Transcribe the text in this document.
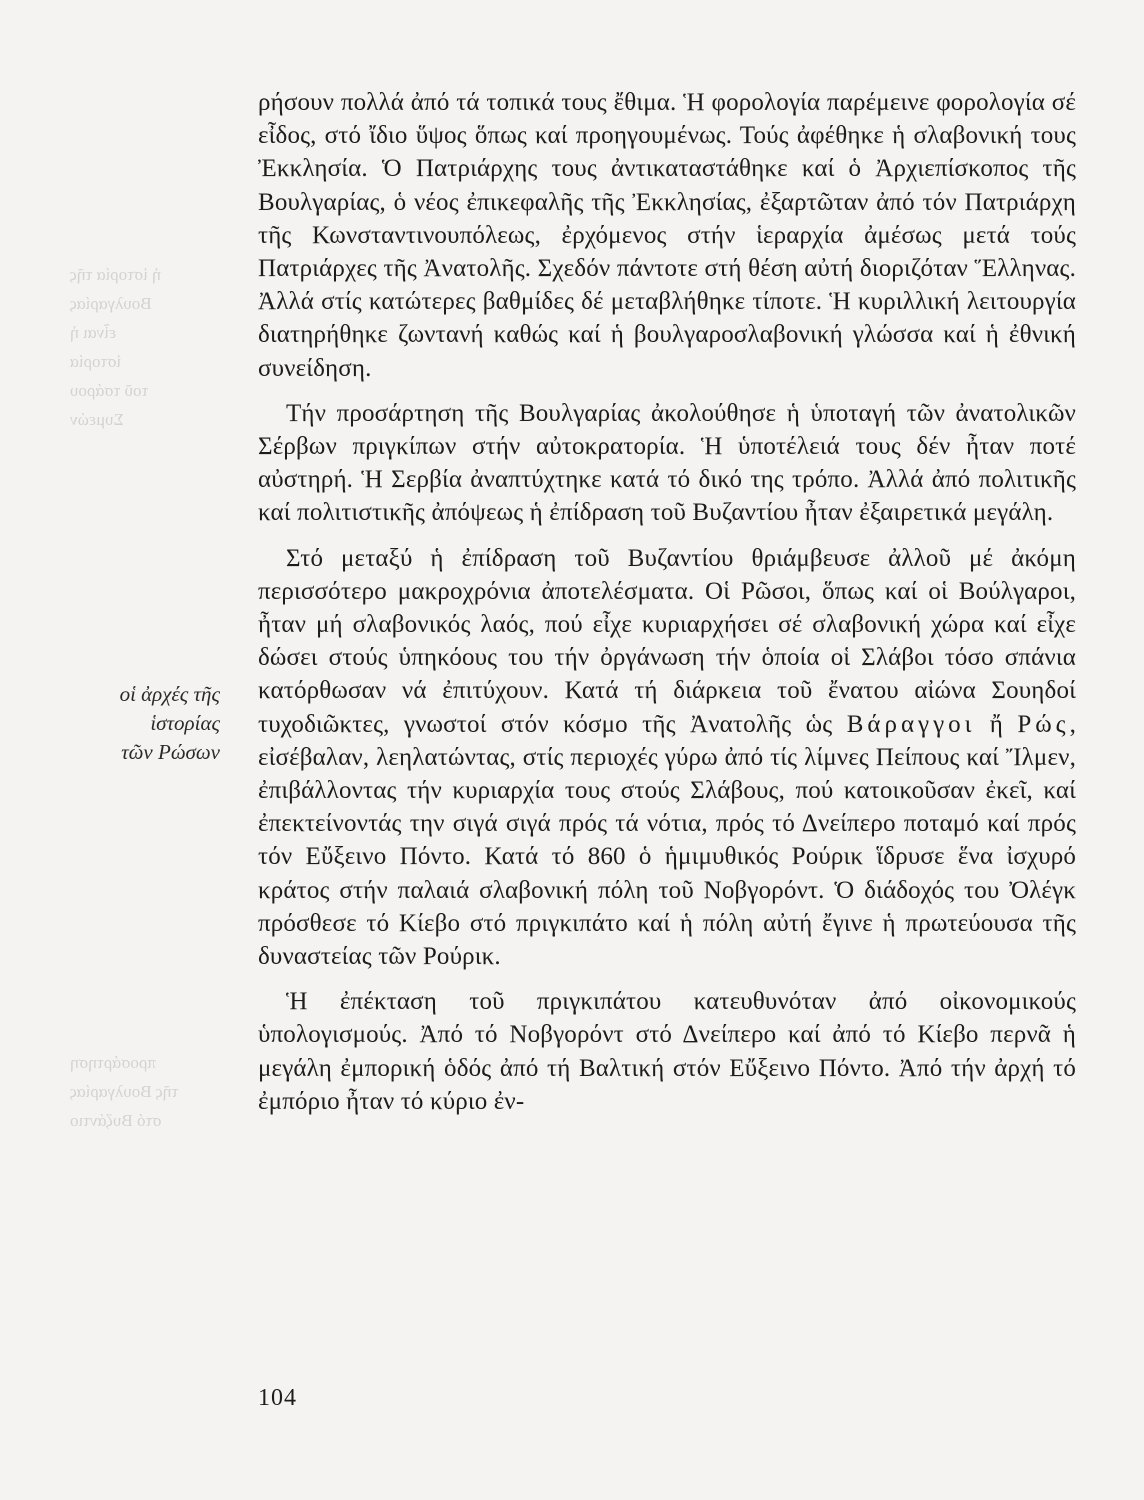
ἡ ἱστορία τῆς
Βουλγαρίας
εἶναι ἡ
ἱστορία
τοῦ τσάρου
Συμεών
προσάρτηση
τῆς Βουλγαρίας
στό Βυζάντιο
οἱ ἀρχές τῆς
ἱστορίας
τῶν Ρώσων

ρήσουν πολλά ἀπό τά τοπικά τους ἔθιμα. Ἡ φορολογία παρέμεινε φορολογία σέ εἶδος, στό ἴδιο ὕψος ὅπως καί προηγουμένως. Τούς ἀφέθηκε ἡ σλαβονική τους Ἐκκλησία. Ὁ Πατριάρχης τους ἀντικαταστάθηκε καί ὁ Ἀρχιεπίσκοπος τῆς Βουλγαρίας, ὁ νέος ἐπικεφαλῆς τῆς Ἐκκλησίας, ἐξαρτῶταν ἀπό τόν Πατριάρχη τῆς Κωνσταντινουπόλεως, ἐρχόμενος στήν ἱεραρχία ἀμέσως μετά τούς Πατριάρχες τῆς Ἀνατολῆς. Σχεδόν πάντοτε στή θέση αὐτή διοριζόταν Ἕλληνας. Ἀλλά στίς κατώτερες βαθμίδες δέ μεταβλήθηκε τίποτε. Ἡ κυριλλική λειτουργία διατηρήθηκε ζωντανή καθώς καί ἡ βουλγαροσλαβονική γλώσσα καί ἡ ἐθνική συνείδηση.

Τήν προσάρτηση τῆς Βουλγαρίας ἀκολούθησε ἡ ὑποταγή τῶν ἀνατολικῶν Σέρβων πριγκίπων στήν αὐτοκρατορία. Ἡ ὑποτέλειά τους δέν ἦταν ποτέ αὐστηρή. Ἡ Σερβία ἀναπτύχτηκε κατά τό δικό της τρόπο. Ἀλλά ἀπό πολιτικῆς καί πολιτιστικῆς ἀπόψεως ἡ ἐπίδραση τοῦ Βυζαντίου ἦταν ἐξαιρετικά μεγάλη.

Στό μεταξύ ἡ ἐπίδραση τοῦ Βυζαντίου θριάμβευσε ἀλλοῦ μέ ἀκόμη περισσότερο μακροχρόνια ἀποτελέσματα. Οἱ Ρῶσοι, ὅπως καί οἱ Βούλγαροι, ἦταν μή σλαβονικός λαός, πού εἶχε κυριαρχήσει σέ σλαβονική χώρα καί εἶχε δώσει στούς ὑπηκόους του τήν ὀργάνωση τήν ὁποία οἱ Σλάβοι τόσο σπάνια κατόρθωσαν νά ἐπιτύχουν. Κατά τή διάρκεια τοῦ ἔνατου αἰώνα Σουηδοί τυχοδιῶκτες, γνωστοί στόν κόσμο τῆς Ἀνατολῆς ὡς Βάραγγοι ἤ Ρώς, εἰσέβαλαν, λεηλατώντας, στίς περιοχές γύρω ἀπό τίς λίμνες Πείπους καί Ἴλμεν, ἐπιβάλλοντας τήν κυριαρχία τους στούς Σλάβους, πού κατοικοῦσαν ἐκεῖ, καί ἐπεκτείνοντάς την σιγά σιγά πρός τά νότια, πρός τό Δνείπερο ποταμό καί πρός τόν Εὔξεινο Πόντο. Κατά τό 860 ὁ ἡμιμυθικός Ρούρικ ἵδρυσε ἕνα ἰσχυρό κράτος στήν παλαιά σλαβονική πόλη τοῦ Νοβγορόντ. Ὁ διάδοχός του Ὀλέγκ πρόσθεσε τό Κίεβο στό πριγκιπάτο καί ἡ πόλη αὐτή ἔγινε ἡ πρωτεύουσα τῆς δυναστείας τῶν Ρούρικ.

Ἡ ἐπέκταση τοῦ πριγκιπάτου κατευθυνόταν ἀπό οἰκονομικούς ὑπολογισμούς. Ἀπό τό Νοβγορόντ στό Δνείπερο καί ἀπό τό Κίεβο περνᾶ ἡ μεγάλη ἐμπορική ὁδός ἀπό τή Βαλτική στόν Εὔξεινο Πόντο. Ἀπό τήν ἀρχή τό ἐμπόριο ἦταν τό κύριο ἐν-

104
